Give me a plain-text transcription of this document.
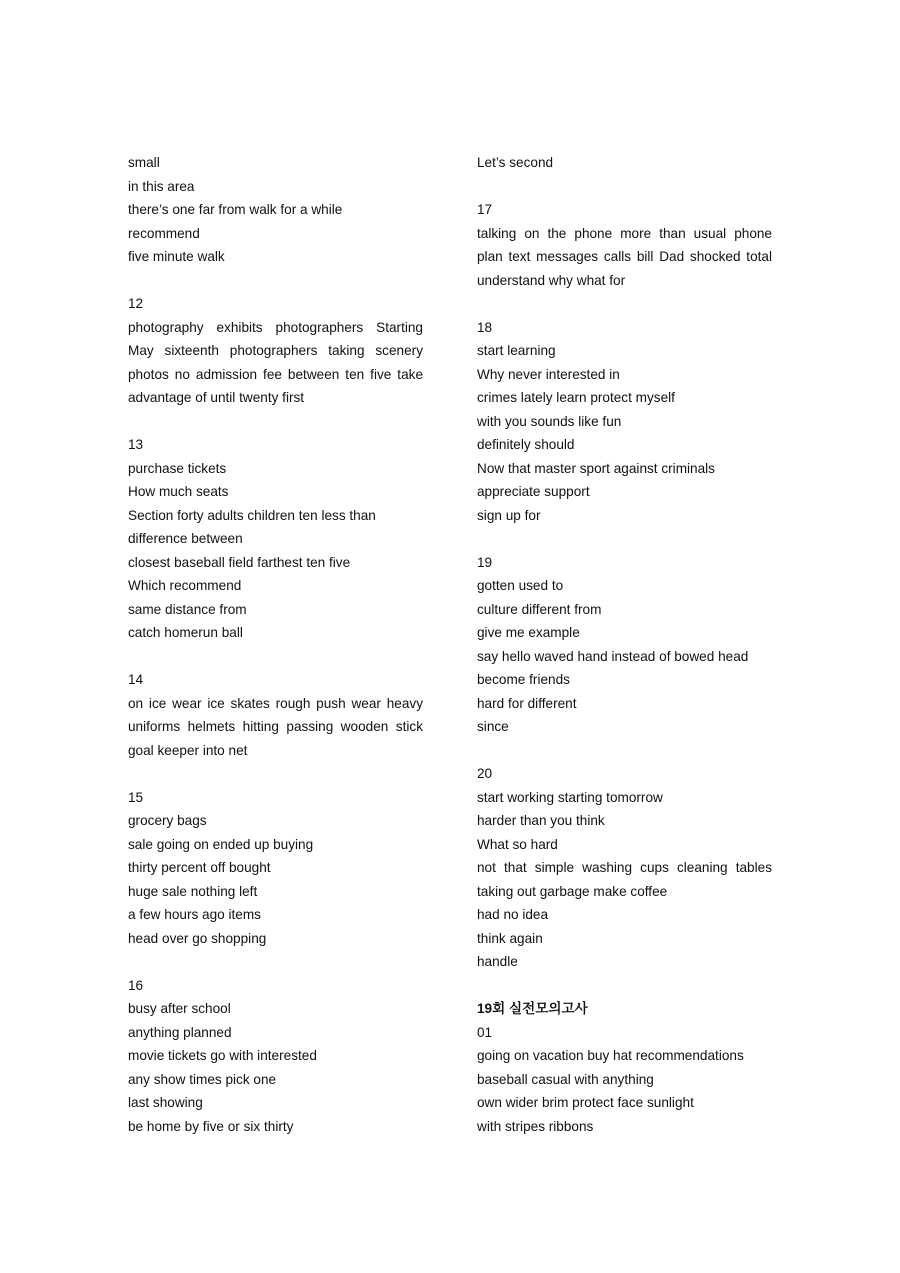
small
in this area
there’s one far from walk for a while
recommend
five minute walk
12
photography exhibits photographers Starting
May sixteenth photographers taking scenery
photos no admission fee between ten five take
advantage of until twenty first
13
purchase tickets
How much seats
Section forty adults children ten less than
difference between
closest baseball field farthest ten five
Which recommend
same distance from
catch homerun ball
14
on ice wear ice skates rough push wear heavy
uniforms helmets hitting passing wooden stick
goal keeper into net
15
grocery bags
sale going on ended up buying
thirty percent off bought
huge sale nothing left
a few hours ago items
head over go shopping
16
busy after school
anything planned
movie tickets go with interested
any show times pick one
last showing
be home by five or six thirty
Let’s second
17
talking on the phone more than usual phone
plan text messages calls bill Dad shocked total
understand why what for
18
start learning
Why never interested in
crimes lately learn protect myself
with you sounds like fun
definitely should
Now that master sport against criminals
appreciate support
sign up for
19
gotten used to
culture different from
give me example
say hello waved hand instead of bowed head
become friends
hard for different
since
20
start working starting tomorrow
harder than you think
What so hard
not that simple washing cups cleaning tables
taking out garbage make coffee
had no idea
think again
handle
19회 실전모의고사
01
going on vacation buy hat recommendations
baseball casual with anything
own wider brim protect face sunlight
with stripes ribbons
